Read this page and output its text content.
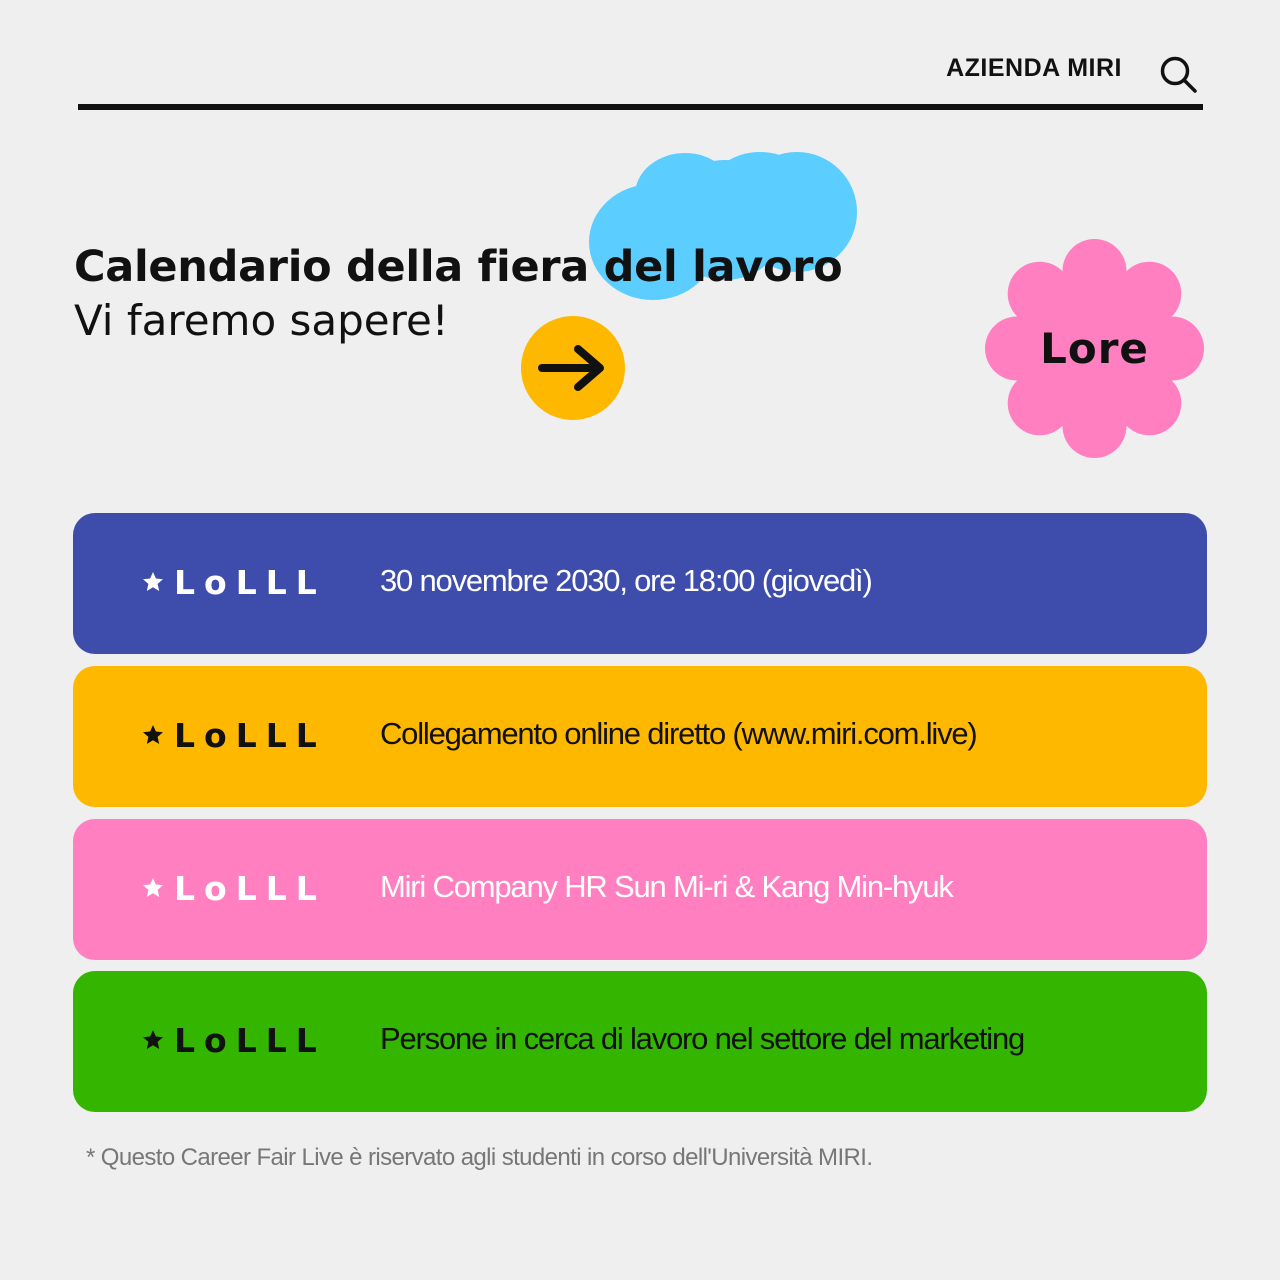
AZIENDA MIRI
Calendario della fiera del lavoro
Vi faremo sapere!
Lore
LoLLL 30 novembre 2030, ore 18:00 (giovedì)
LoLLL Collegamento online diretto (www.miri.com.live)
LoLLL Miri Company HR Sun Mi-ri & Kang Min-hyuk
LoLLL Persone in cerca di lavoro nel settore del marketing
* Questo Career Fair Live è riservato agli studenti in corso dell'Università MIRI.
